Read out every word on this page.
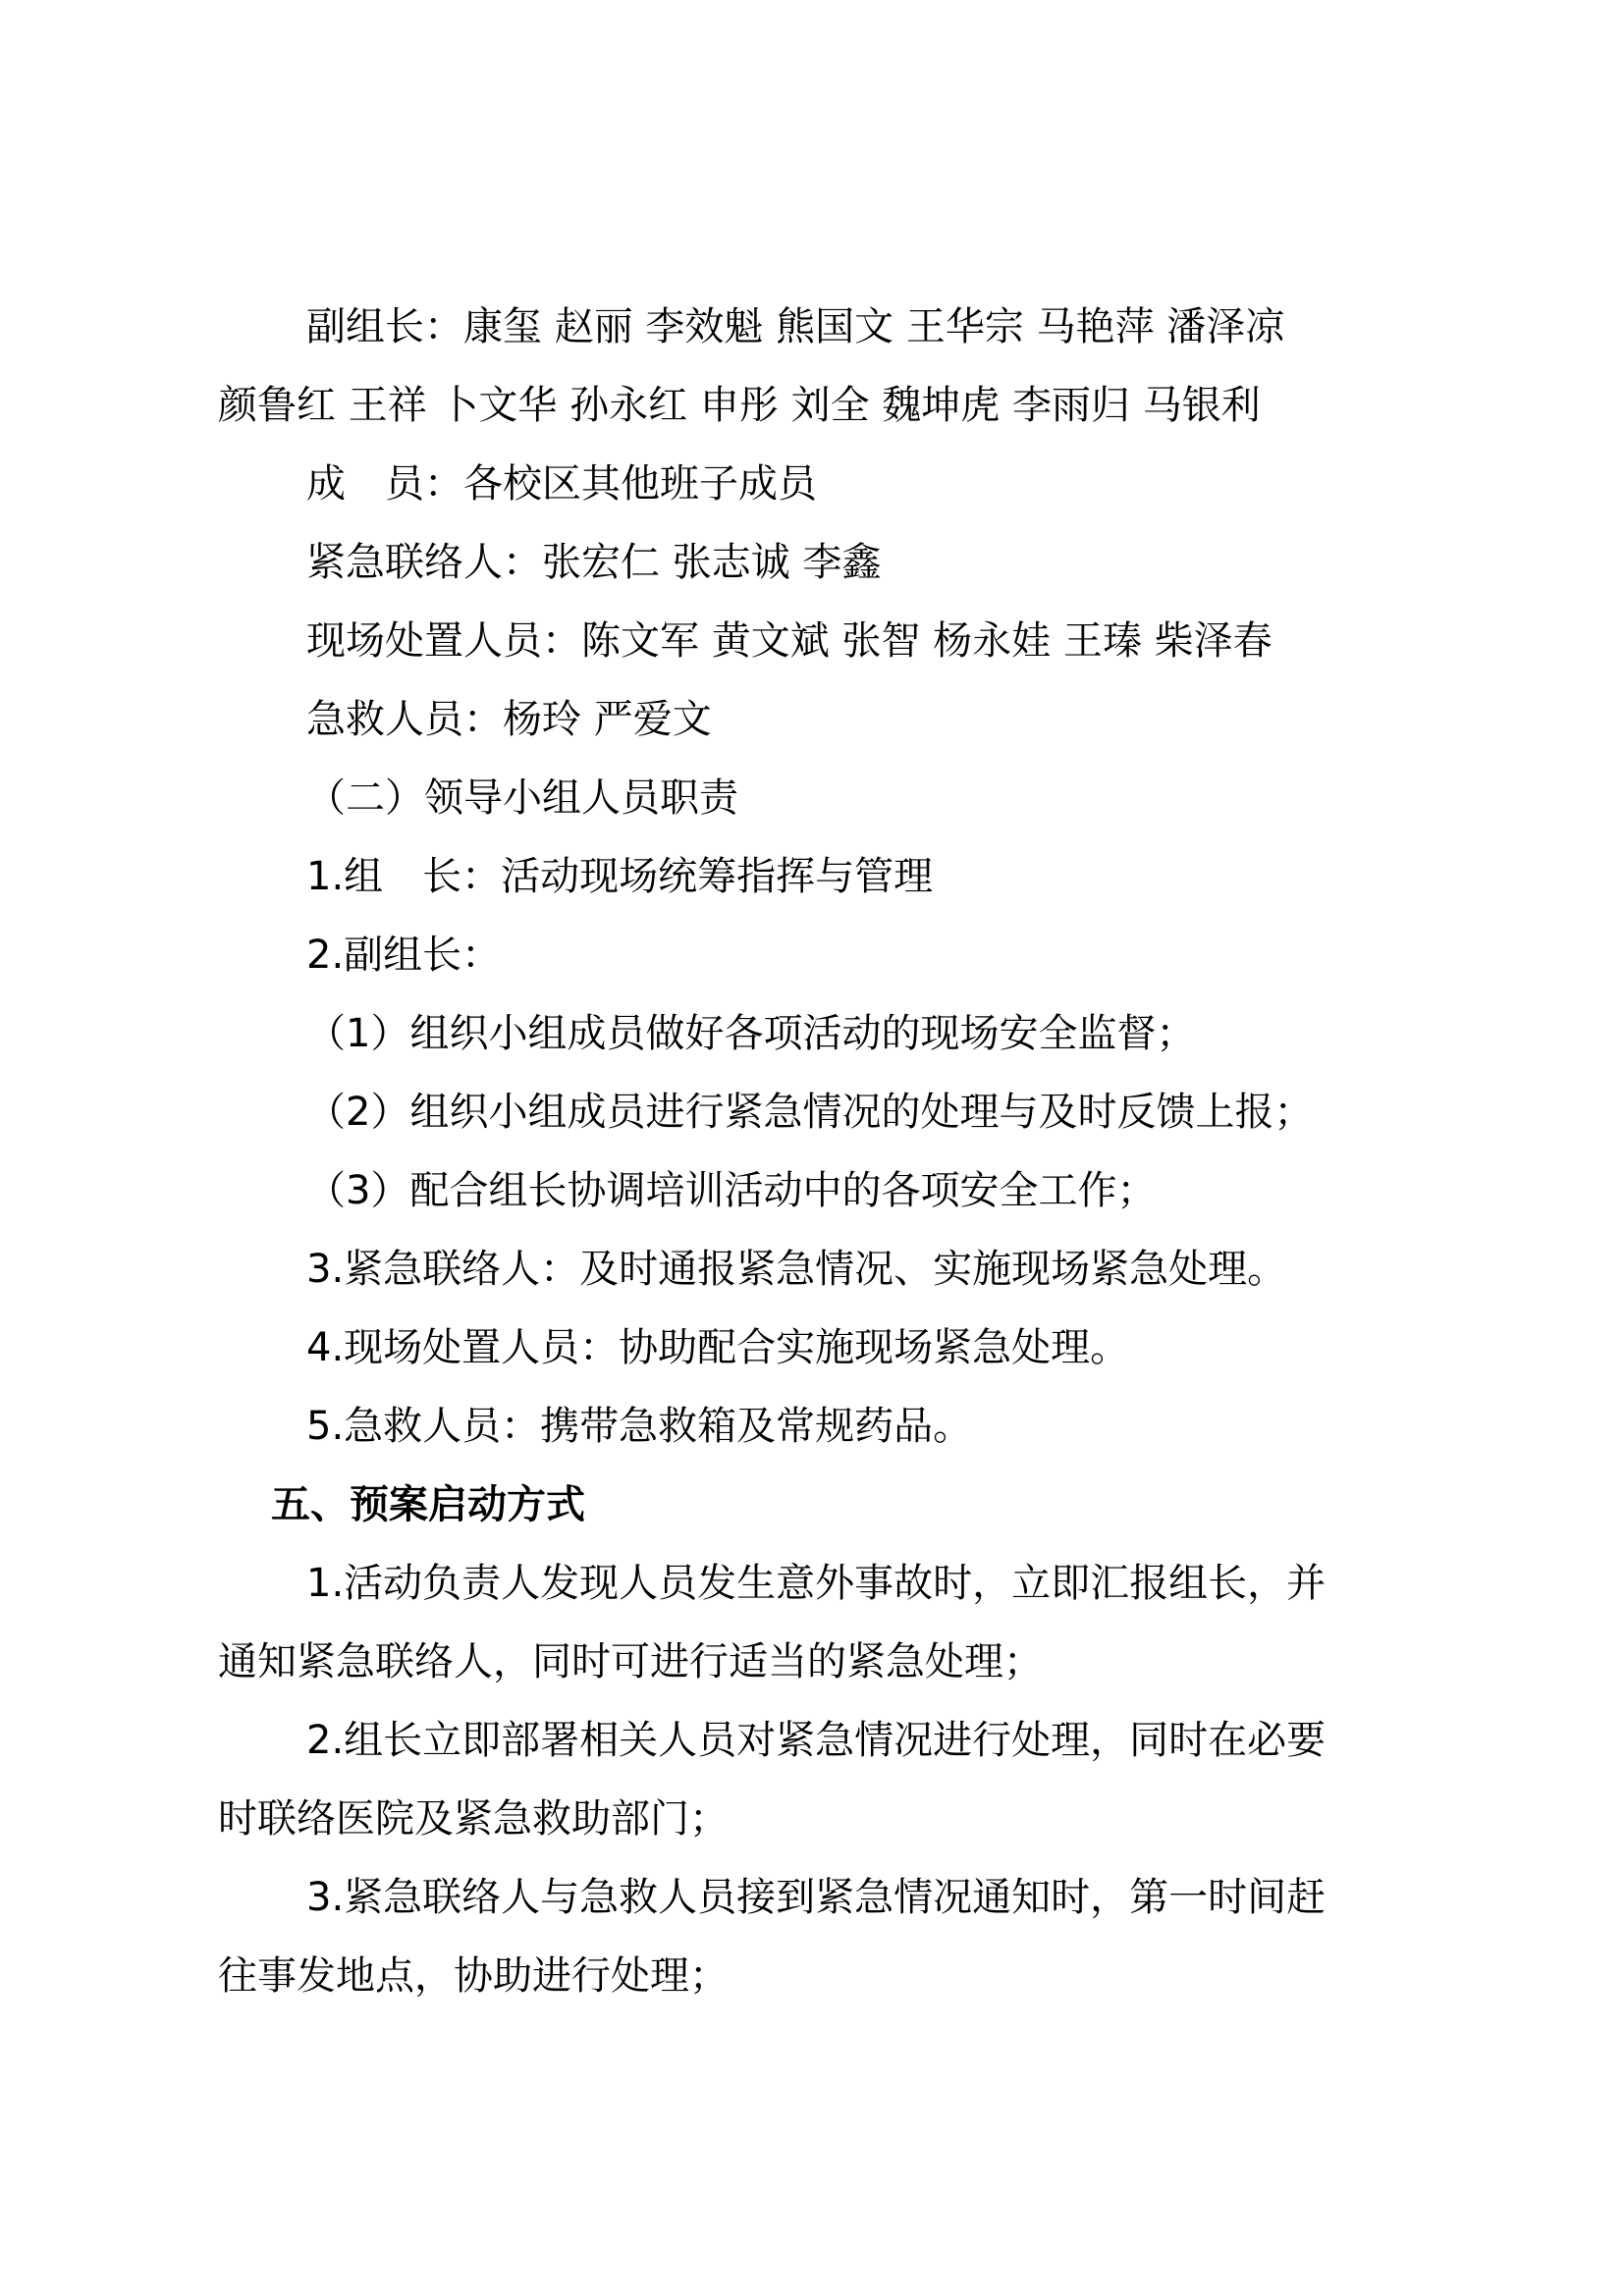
副组长：康玺 赵丽 李效魁 熊国文 王华宗 马艳萍 潘泽凉
颜鲁红 王祥 卜文华 孙永红 申彤 刘全 魏坤虎 李雨归 马银利
成　员：各校区其他班子成员
紧急联络人：张宏仁 张志诚 李鑫
现场处置人员：陈文军 黄文斌 张智 杨永娃 王瑧 柴泽春
急救人员：杨玲 严爱文
（二）领导小组人员职责
1.组　长：活动现场统筹指挥与管理
2.副组长：
（1）组织小组成员做好各项活动的现场安全监督；
（2）组织小组成员进行紧急情况的处理与及时反馈上报；
（3）配合组长协调培训活动中的各项安全工作；
3.紧急联络人：及时通报紧急情况、实施现场紧急处理。
4.现场处置人员：协助配合实施现场紧急处理。
5.急救人员：携带急救箱及常规药品。
五、预案启动方式
1.活动负责人发现人员发生意外事故时，立即汇报组长，并
通知紧急联络人，同时可进行适当的紧急处理；
2.组长立即部署相关人员对紧急情况进行处理，同时在必要
时联络医院及紧急救助部门；
3.紧急联络人与急救人员接到紧急情况通知时，第一时间赶
往事发地点，协助进行处理；
